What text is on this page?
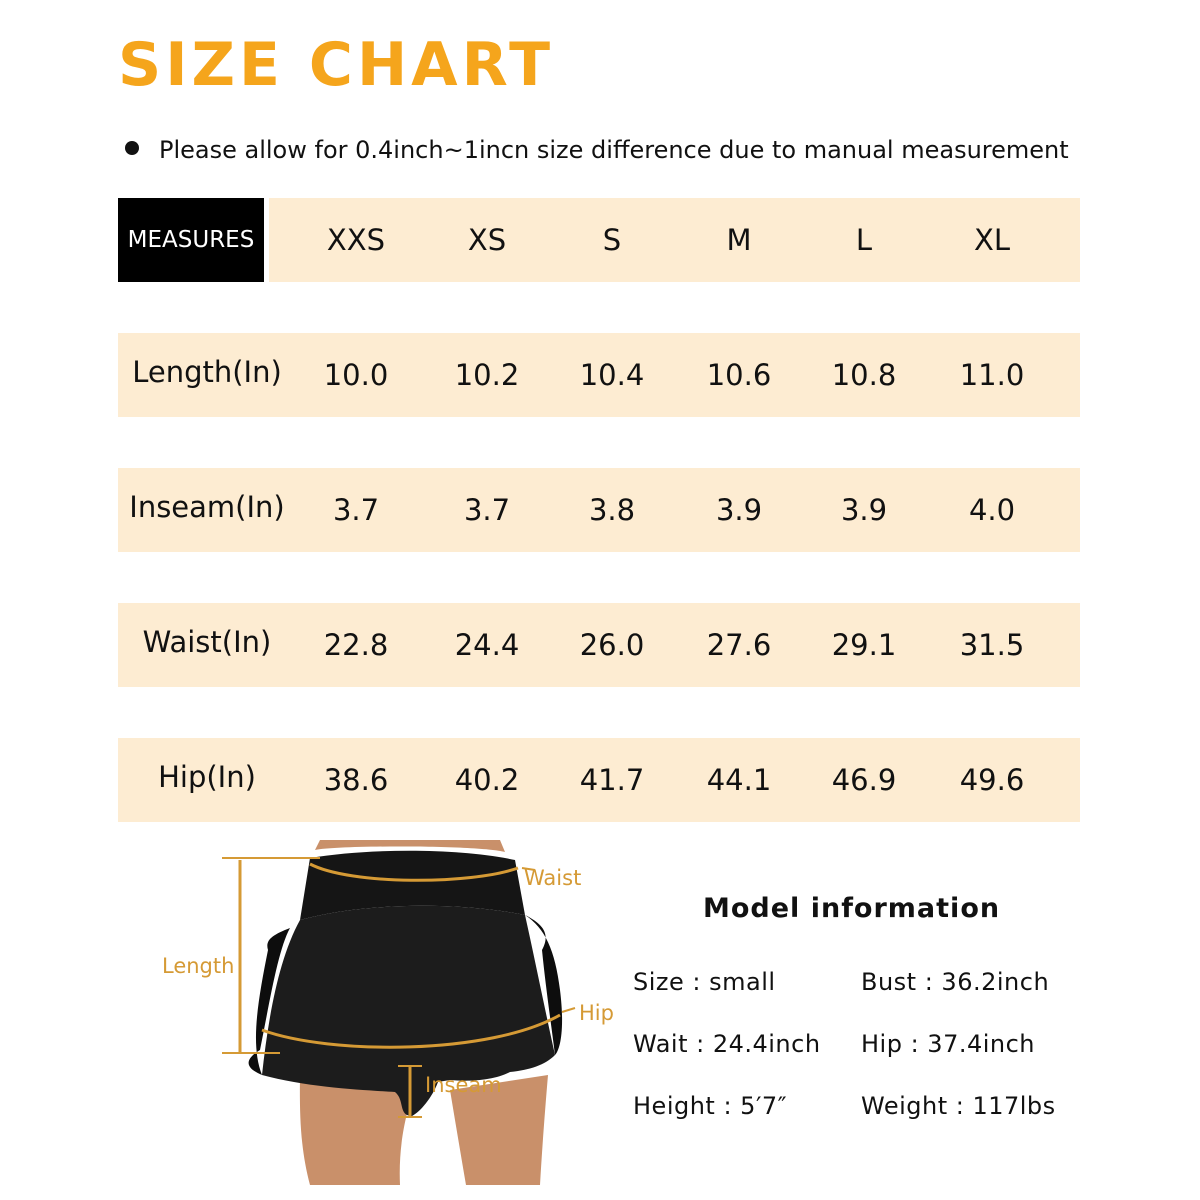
SIZE CHART
Please allow for 0.4inch~1incn size difference due to manual measurement
MEASURES	XXS	XS	S	M	L	XL
Length(In)	10.0	10.2	10.4	10.6	10.8	11.0
Inseam(In)	3.7	3.7	3.8	3.9	3.9	4.0
Waist(In)	22.8	24.4	26.0	27.6	29.1	31.5
Hip(In)	38.6	40.2	41.7	44.1	46.9	49.6
Waist
Length
Hip
Inseam
Model information
Size : small	Bust : 36.2inch
Wait : 24.4inch Hip : 37.4inch
Height : 5′7″	Weight : 117lbs
